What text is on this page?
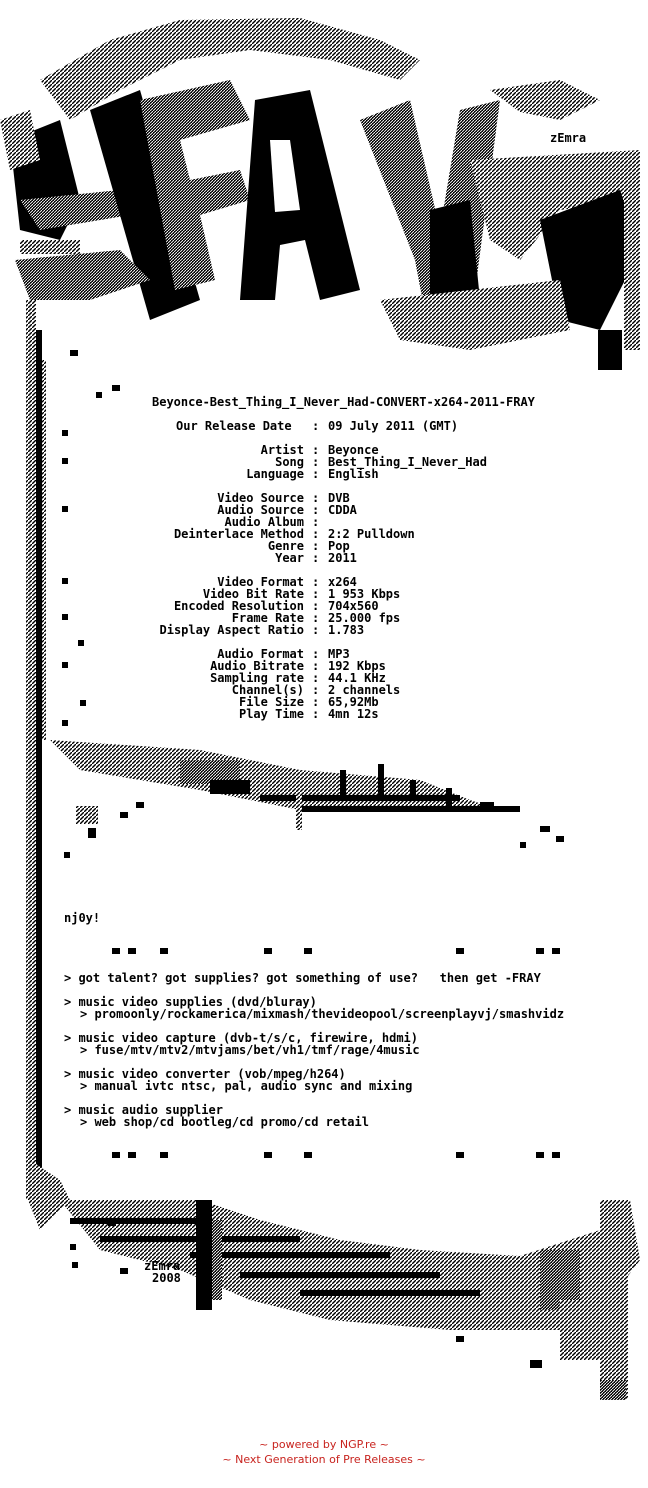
zEmra
Beyonce-Best_Thing_I_Never_Had-CONVERT-x264-2011-FRAY
Our Release Date : 09 July 2011 (GMT)
Artist : Beyonce
Song : Best_Thing_I_Never_Had
Language : English
Video Source : DVB
Audio Source : CDDA
Audio Album :
Deinterlace Method : 2:2 Pulldown
Genre : Pop
Year : 2011
Video Format : x264
Video Bit Rate : 1 953 Kbps
Encoded Resolution : 704x560
Frame Rate : 25.000 fps
Display Aspect Ratio : 1.783
Audio Format : MP3
Audio Bitrate : 192 Kbps
Sampling rate : 44.1 KHz
Channel(s) : 2 channels
File Size : 65,92Mb
Play Time : 4mn 12s
nj0y!
> got talent? got supplies? got something of use?   then get -FRAY
> music video supplies (dvd/bluray)
> promoonly/rockamerica/mixmash/thevideopool/screenplayvj/smashvidz
> music video capture (dvb-t/s/c, firewire, hdmi)
> fuse/mtv/mtv2/mtvjams/bet/vh1/tmf/rage/4music
> music video converter (vob/mpeg/h264)
> manual ivtc ntsc, pal, audio sync and mixing
> music audio supplier
> web shop/cd bootleg/cd promo/cd retail
zEmra
2008
~ powered by NGP.re ~
~ Next Generation of Pre Releases ~
